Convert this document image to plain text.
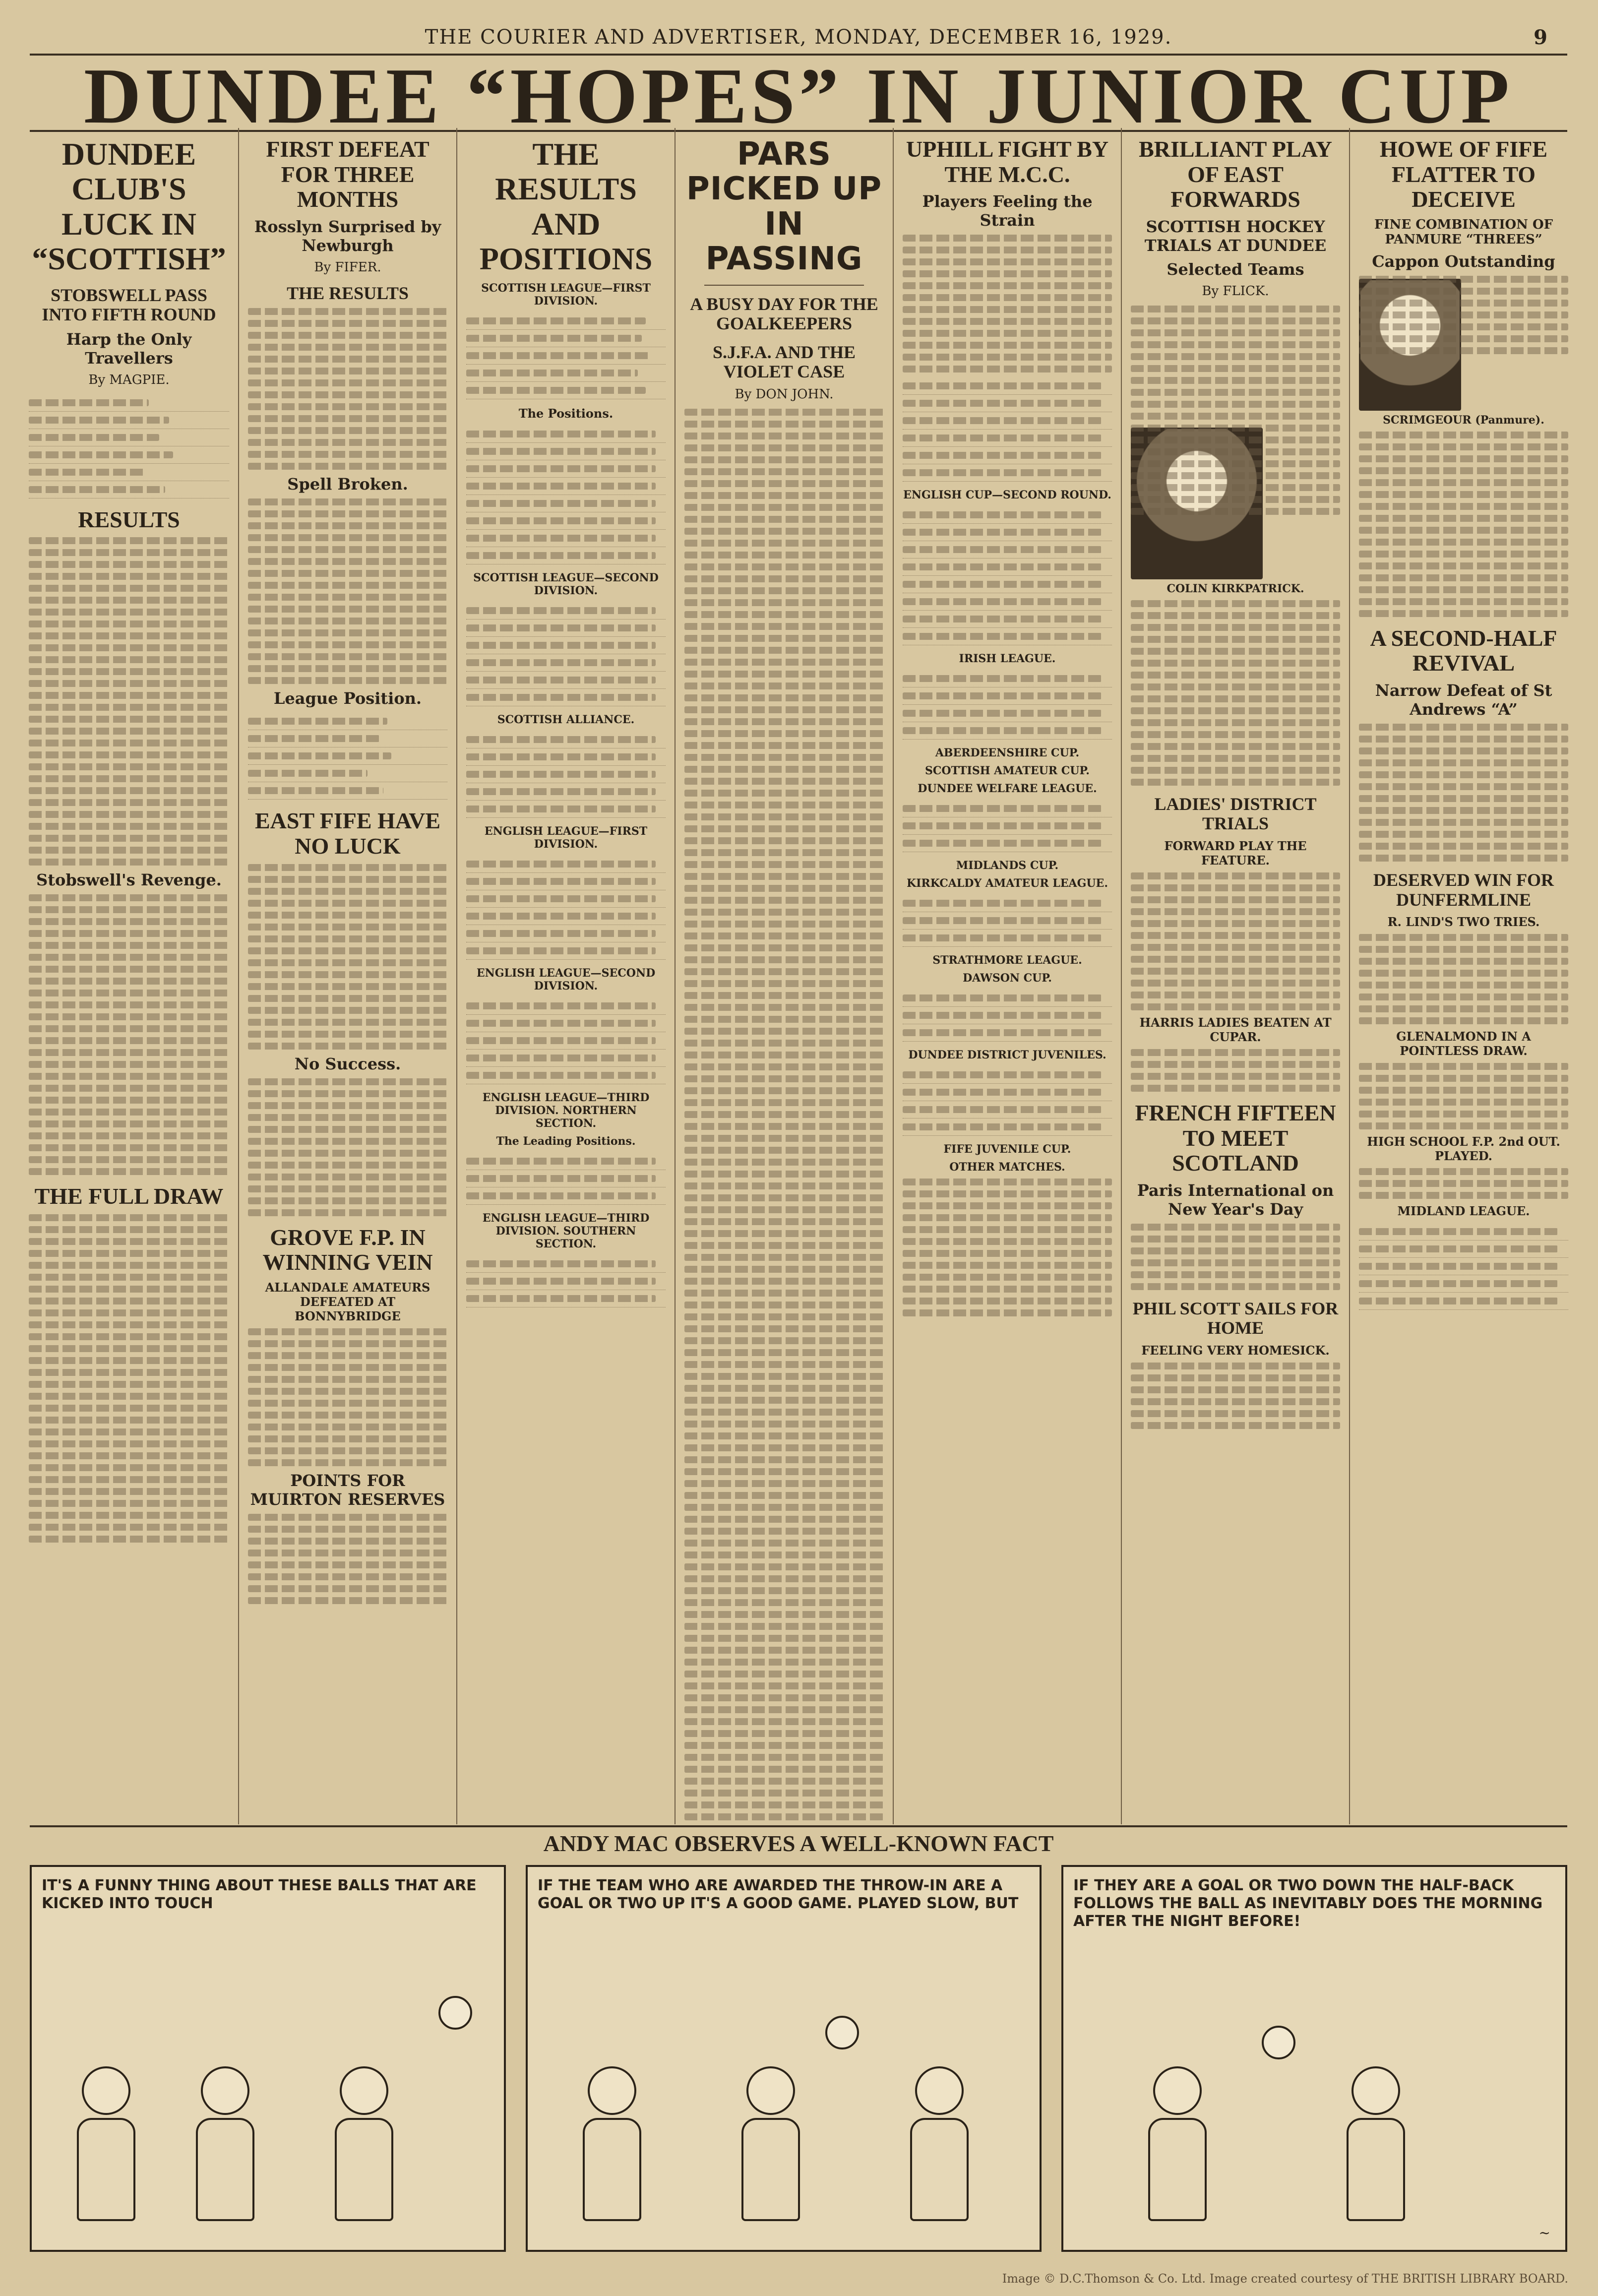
THE COURIER AND ADVERTISER, MONDAY, DECEMBER 16, 1929.	9
DUNDEE “HOPES” IN JUNIOR CUP
DUNDEE CLUB'S LUCK IN “SCOTTISH”
STOBSWELL PASS INTO FIFTH ROUND
Harp the Only Travellers
By MAGPIE.
RESULTS
Stobswell's Revenge.
THE FULL DRAW
FIRST DEFEAT FOR THREE MONTHS
Rosslyn Surprised by Newburgh
By FIFER.
THE RESULTS
Spell Broken.
League Position.
EAST FIFE HAVE NO LUCK
No Success.
GROVE F.P. IN WINNING VEIN
ALLANDALE AMATEURS DEFEATED AT BONNYBRIDGE
POINTS FOR MUIRTON RESERVES
THE RESULTS AND POSITIONS
SCOTTISH LEAGUE—FIRST DIVISION.
The Positions.
SCOTTISH LEAGUE—SECOND DIVISION.
SCOTTISH ALLIANCE.
ENGLISH LEAGUE—FIRST DIVISION.
ENGLISH LEAGUE—SECOND DIVISION.
ENGLISH LEAGUE—THIRD DIVISION. NORTHERN SECTION.
The Leading Positions.
ENGLISH LEAGUE—THIRD DIVISION. SOUTHERN SECTION.
PARS PICKED UP IN PASSING
A BUSY DAY FOR THE GOALKEEPERS
S.J.F.A. AND THE VIOLET CASE
By DON JOHN.
UPHILL FIGHT BY THE M.C.C.
Players Feeling the Strain
ENGLISH CUP—SECOND ROUND.
IRISH LEAGUE.
ABERDEENSHIRE CUP.
SCOTTISH AMATEUR CUP.
DUNDEE WELFARE LEAGUE.
MIDLANDS CUP.
KIRKCALDY AMATEUR LEAGUE.
STRATHMORE LEAGUE.
DAWSON CUP.
DUNDEE DISTRICT JUVENILES.
FIFE JUVENILE CUP.
OTHER MATCHES.
BRILLIANT PLAY OF EAST FORWARDS
SCOTTISH HOCKEY TRIALS AT DUNDEE
Selected Teams
By FLICK.
COLIN KIRKPATRICK.
LADIES' DISTRICT TRIALS
FORWARD PLAY THE FEATURE.
HARRIS LADIES BEATEN AT CUPAR.
FRENCH FIFTEEN TO MEET SCOTLAND
Paris International on New Year's Day
PHIL SCOTT SAILS FOR HOME
FEELING VERY HOMESICK.
HOWE OF FIFE FLATTER TO DECEIVE
FINE COMBINATION OF PANMURE “THREES”
Cappon Outstanding
SCRIMGEOUR (Panmure).
A SECOND-HALF REVIVAL
Narrow Defeat of St Andrews “A”
DESERVED WIN FOR DUNFERMLINE
R. LIND'S TWO TRIES.
GLENALMOND IN A POINTLESS DRAW.
HIGH SCHOOL F.P. 2nd OUT. PLAYED.
MIDLAND LEAGUE.
ANDY MAC OBSERVES A WELL-KNOWN FACT
IT'S A FUNNY THING ABOUT THESE BALLS THAT ARE KICKED INTO TOUCH
IF THE TEAM WHO ARE AWARDED THE THROW-IN ARE A GOAL OR TWO UP IT'S A GOOD GAME. PLAYED SLOW, BUT
IF THEY ARE A GOAL OR TWO DOWN THE HALF-BACK FOLLOWS THE BALL AS INEVITABLY DOES THE MORNING AFTER THE NIGHT BEFORE!
~
Image © D.C.Thomson & Co. Ltd. Image created courtesy of THE BRITISH LIBRARY BOARD.
